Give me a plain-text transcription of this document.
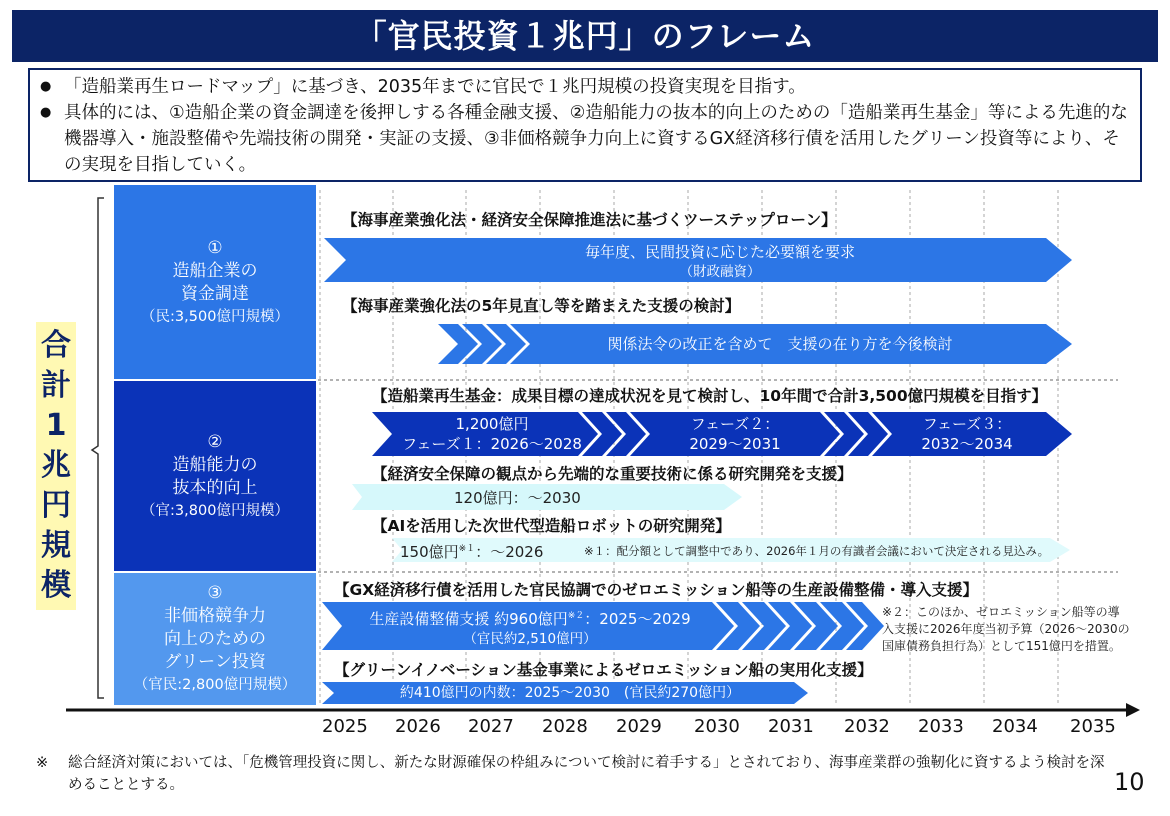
「官民投資１兆円」のフレーム
● 「造船業再生ロードマップ」に基づき、2035年までに官民で１兆円規模の投資実現を目指す。
● 具体的には、①造船企業の資金調達を後押しする各種金融支援、②造船能力の抜本的向上のための「造船業再生基金」等による先進的な機器導入・施設整備や先端技術の開発・実証の支援、③非価格競争力向上に資するGX経済移行債を活用したグリーン投資等により、その実現を目指していく。
合
計
1
兆
円
規
模
①
造船企業の
資金調達
（民:3,500億円規模）
②
造船能力の
抜本的向上
（官:3,800億円規模）
③
非価格競争力
向上のための
グリーン投資
（官民:2,800億円規模）
【海事産業強化法・経済安全保障推進法に基づくツーステップローン】
毎年度、民間投資に応じた必要額を要求
（財政融資）
【海事産業強化法の5年見直し等を踏まえた支援の検討】
関係法令の改正を含めて　支援の在り方を今後検討
【造船業再生基金：成果目標の達成状況を見て検討し、10年間で合計3,500億円規模を目指す】
1,200億円
フェーズ１：2026～2028
フェーズ２：
2029～2031
フェーズ３：
2032～2034
【経済安全保障の観点から先端的な重要技術に係る研究開発を支援】
120億円：～2030
【AIを活用した次世代型造船ロボットの研究開発】
150億円$^{※1}$：～2026	※１：配分額として調整中であり、2026年１月の有識者会議において決定される見込み。
【GX経済移行債を活用した官民協調でのゼロエミッション船等の生産設備整備・導入支援】
生産設備整備支援 約960億円$^{※2}$：2025～2029
（官民約2,510億円）
※２：このほか、ゼロエミッション船等の導入支援に2026年度当初予算（2026～2030の国庫債務負担行為）として151億円を措置。
【グリーンイノベーション基金事業によるゼロエミッション船の実用化支援】
約410億円の内数：2025～2030　(官民約270億円）
2025 2026 2027 2028 2029 2030 2031 2032 2033 2034 2035
※	総合経済対策においては、「危機管理投資に関し、新たな財源確保の枠組みについて検討に着手する」とされており、海事産業群の強靭化に資するよう検討を深めることとする。	10
